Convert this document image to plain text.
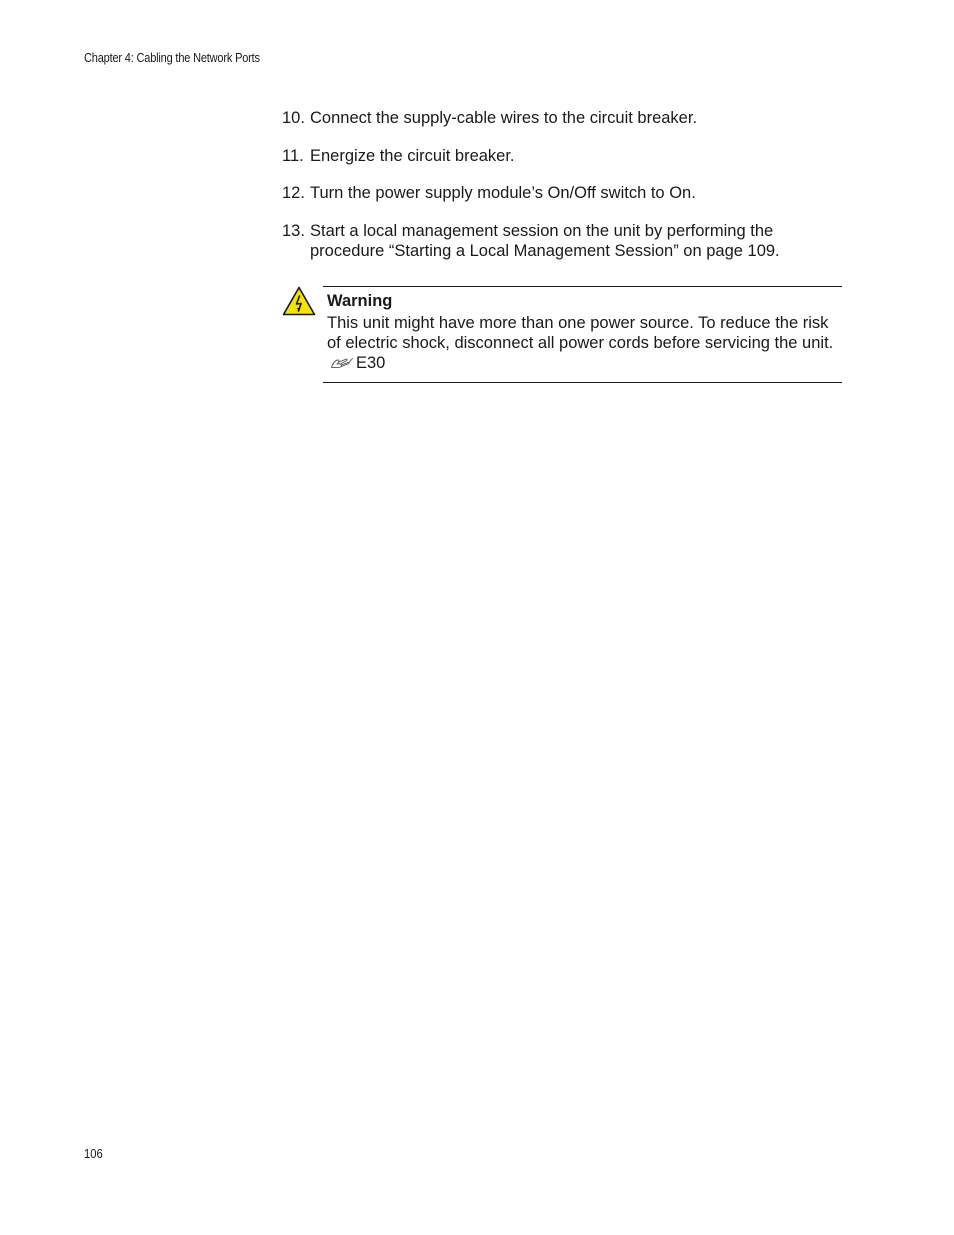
Chapter 4: Cabling the Network Ports
10. Connect the supply-cable wires to the circuit breaker.
11. Energize the circuit breaker.
12. Turn the power supply module’s On/Off switch to On.
13. Start a local management session on the unit by performing the procedure “Starting a Local Management Session” on page 109.
Warning
This unit might have more than one power source. To reduce the risk of electric shock, disconnect all power cords before servicing the unit.E30
106
